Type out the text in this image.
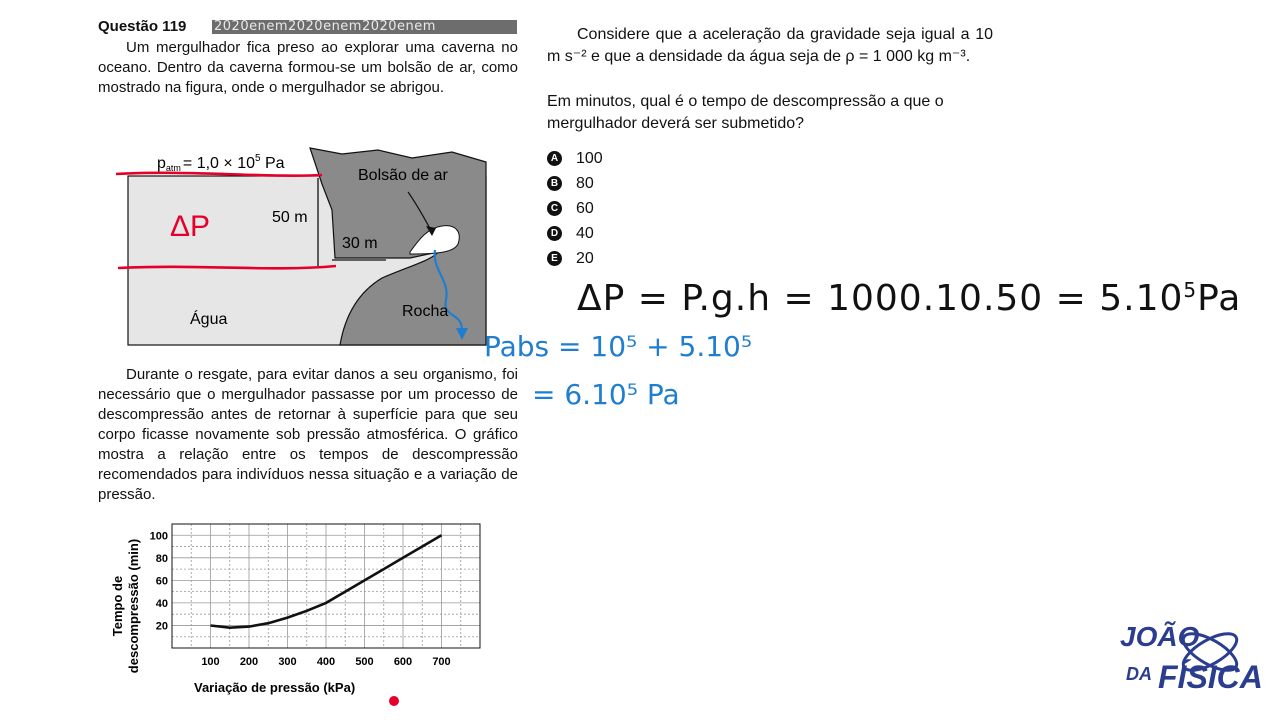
Questão 119 2020enem2020enem2020enem
Um mergulhador fica preso ao explorar uma caverna no oceano. Dentro da caverna formou-se um bolsão de ar, como mostrado na figura, onde o mergulhador se abrigou.
patm = $1,0 \times 10^5$ Pa
Bolsão de ar
50 m
30 m
Água	Rocha
ΔP
Durante o resgate, para evitar danos a seu organismo, foi necessário que o mergulhador passasse por um processo de descompressão antes de retornar à superfície para que seu corpo ficasse novamente sob pressão atmosférica. O gráfico mostra a relação entre os tempos de descompressão recomendados para indivíduos nessa situação e a variação de pressão.
20
40
60
80
100
100 200 300 400 500 600 700
Variação de pressão (kPa)
Tempo de descompressão (min)
Considere que a aceleração da gravidade seja igual a 10 m s⁻² e que a densidade da água seja de ρ = 1 000 kg m⁻³.
Em minutos, qual é o tempo de descompressão a que o mergulhador deverá ser submetido?
A 100
B 80
C 60
D 40
E 20
$\Delta P = P.g.h = 1000.10.50 = 5.10^5Pa$
Pabs = 10⁵ + 5.10⁵
= 6.10⁵ Pa
JOÃO
DA FÍSICA
